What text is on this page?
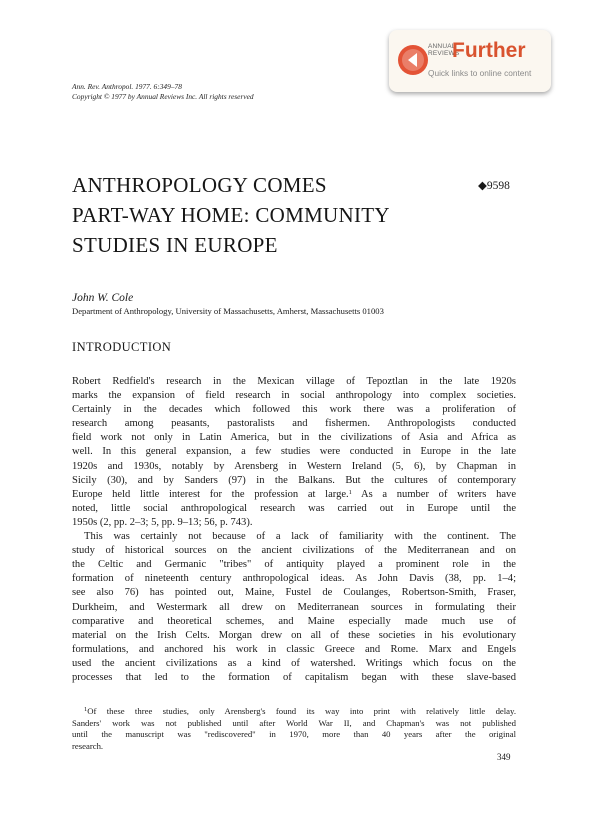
Ann. Rev. Anthropol. 1977. 6:349–78
Copyright © 1977 by Annual Reviews Inc. All rights reserved
ANNUAL
REVIEWS
Further
Quick links to online content
ANTHROPOLOGY COMES
PART-WAY HOME: COMMUNITY
STUDIES IN EUROPE
◆9598
John W. Cole
Department of Anthropology, University of Massachusetts, Amherst, Massachusetts 01003
INTRODUCTION
Robert Redfield's research in the Mexican village of Tepoztlan in the late 1920s
marks the expansion of field research in social anthropology into complex societies.
Certainly in the decades which followed this work there was a proliferation of
research among peasants, pastoralists and fishermen. Anthropologists conducted
field work not only in Latin America, but in the civilizations of Asia and Africa as
well. In this general expansion, a few studies were conducted in Europe in the late
1920s and 1930s, notably by Arensberg in Western Ireland (5, 6), by Chapman in
Sicily (30), and by Sanders (97) in the Balkans. But the cultures of contemporary
Europe held little interest for the profession at large.$^1$ As a number of writers have
noted, little social anthropological research was carried out in Europe until the
1950s (2, pp. 2–3; 5, pp. 9–13; 56, p. 743).
This was certainly not because of a lack of familiarity with the continent. The
study of historical sources on the ancient civilizations of the Mediterranean and on
the Celtic and Germanic "tribes" of antiquity played a prominent role in the
formation of nineteenth century anthropological ideas. As John Davis (38, pp. 1–4;
see also 76) has pointed out, Maine, Fustel de Coulanges, Robertson-Smith, Fraser,
Durkheim, and Westermark all drew on Mediterranean sources in formulating their
comparative and theoretical schemes, and Maine especially made much use of
material on the Irish Celts. Morgan drew on all of these societies in his evolutionary
formulations, and anchored his work in classic Greece and Rome. Marx and Engels
used the ancient civilizations as a kind of watershed. Writings which focus on the
processes that led to the formation of capitalism began with these slave-based
$^1$Of these three studies, only Arensberg's found its way into print with relatively little delay.
Sanders' work was not published until after World War II, and Chapman's was not published
until the manuscript was "rediscovered" in 1970, more than 40 years after the original
research.
349
